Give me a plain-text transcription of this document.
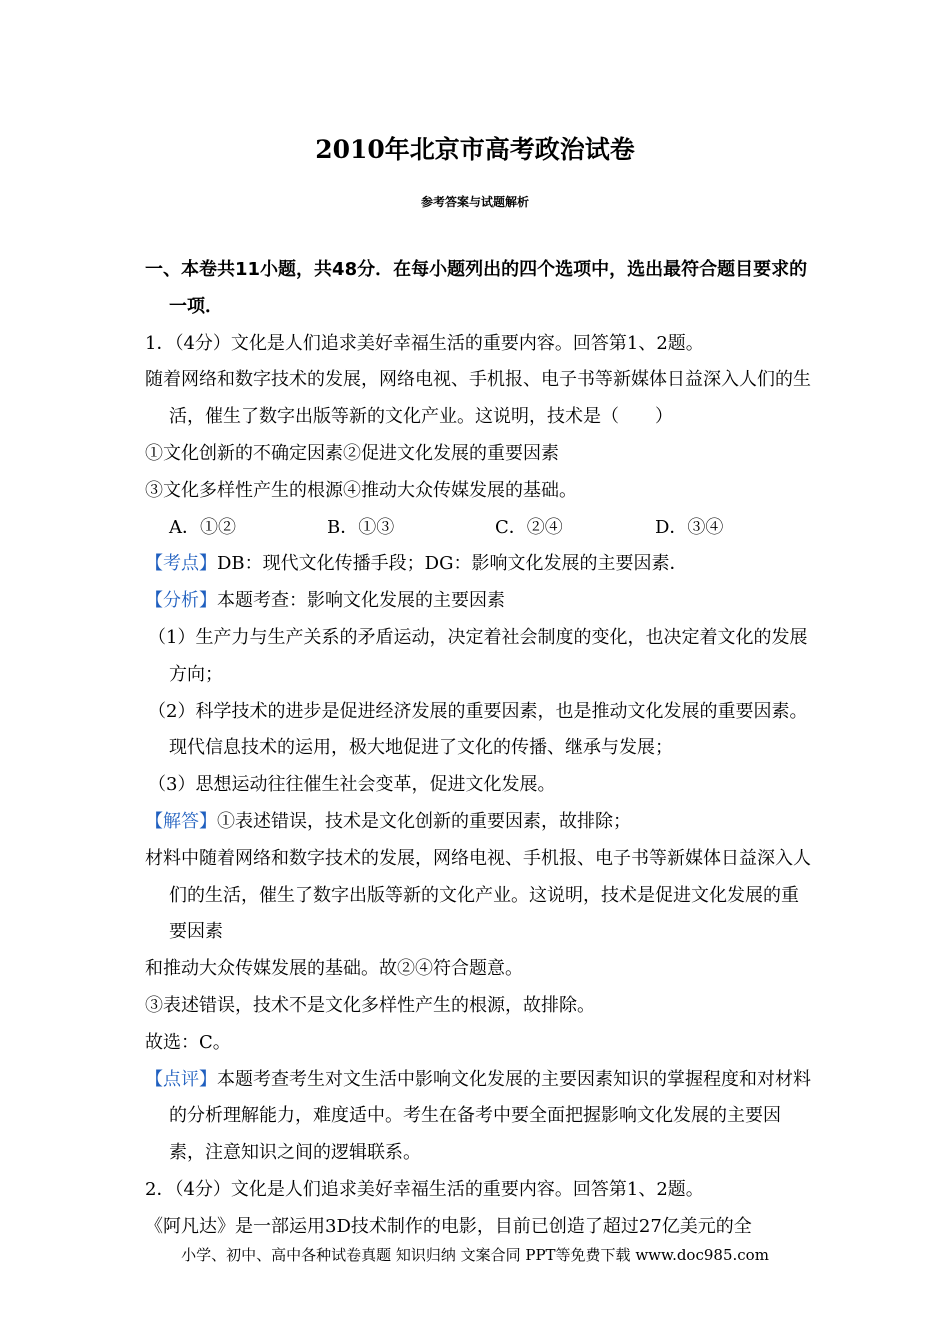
2010年北京市高考政治试卷
参考答案与试题解析

一、本卷共11小题，共48分．在每小题列出的四个选项中，选出最符合题目要求的一项．

1．（4分）文化是人们追求美好幸福生活的重要内容。回答第1、2题。

随着网络和数字技术的发展，网络电视、手机报、电子书等新媒体日益深入人们的生活，催生了数字出版等新的文化产业。这说明，技术是（　　）

①文化创新的不确定因素②促进文化发展的重要因素

③文化多样性产生的根源④推动大众传媒发展的基础。

A．①②	B．①③	C．②④	D．③④

【考点】DB：现代文化传播手段；DG：影响文化发展的主要因素．

【分析】本题考查：影响文化发展的主要因素

（1）生产力与生产关系的矛盾运动，决定着社会制度的变化，也决定着文化的发展方向；

（2）科学技术的进步是促进经济发展的重要因素，也是推动文化发展的重要因素。现代信息技术的运用，极大地促进了文化的传播、继承与发展；

（3）思想运动往往催生社会变革，促进文化发展。

【解答】①表述错误，技术是文化创新的重要因素，故排除；

材料中随着网络和数字技术的发展，网络电视、手机报、电子书等新媒体日益深入人们的生活，催生了数字出版等新的文化产业。这说明，技术是促进文化发展的重要因素

和推动大众传媒发展的基础。故②④符合题意。

③表述错误，技术不是文化多样性产生的根源，故排除。

故选：C。

【点评】本题考查考生对文生活中影响文化发展的主要因素知识的掌握程度和对材料的分析理解能力，难度适中。考生在备考中要全面把握影响文化发展的主要因素，注意知识之间的逻辑联系。

2．（4分）文化是人们追求美好幸福生活的重要内容。回答第1、2题。

《阿凡达》是一部运用3D技术制作的电影，目前已创造了超过27亿美元的全

小学、初中、高中各种试卷真题 知识归纳 文案合同 PPT等免费下载 www.doc985.com
